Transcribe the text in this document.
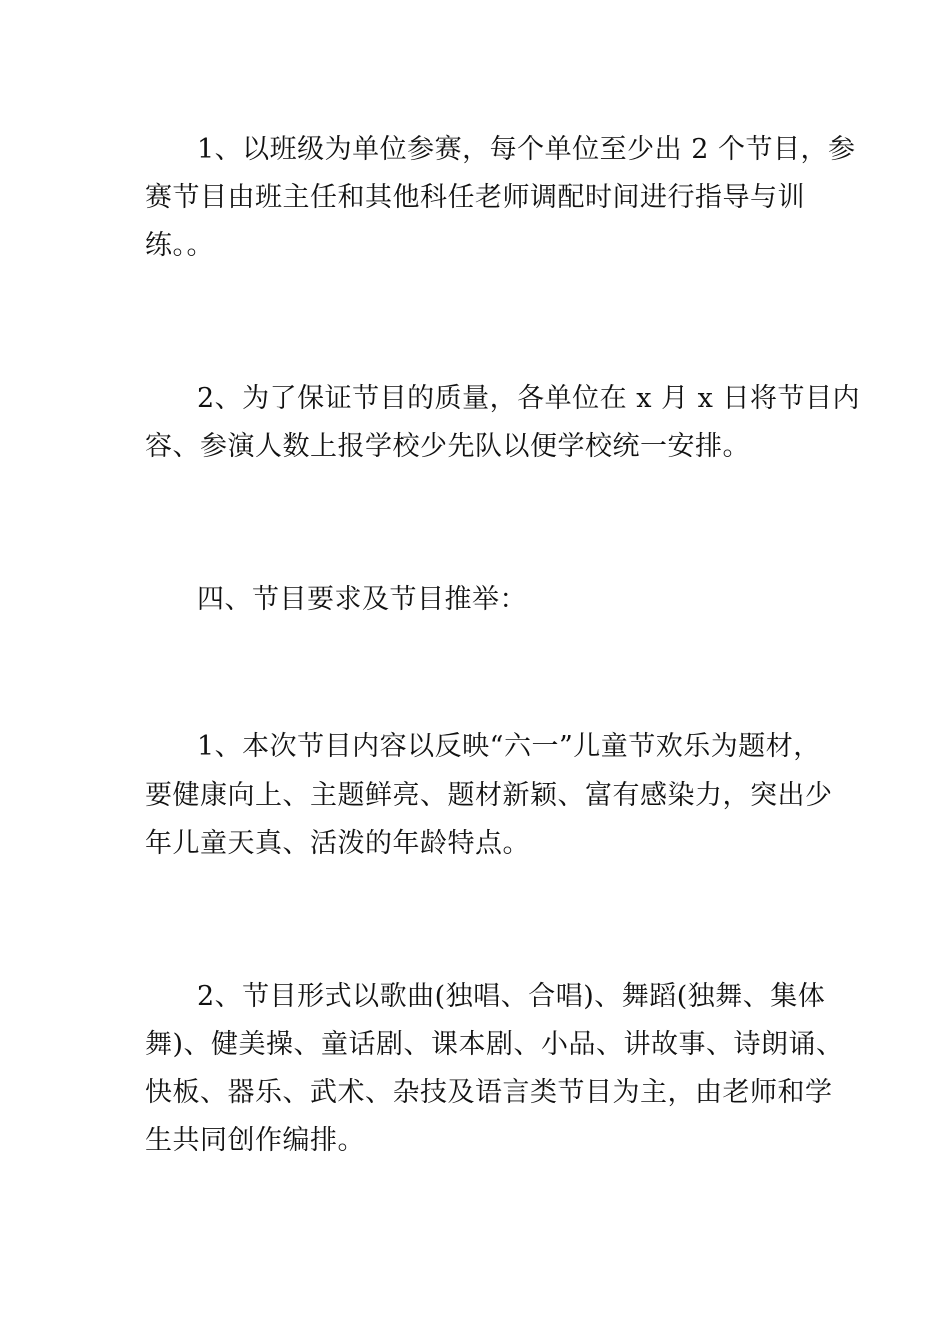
1、以班级为单位参赛，每个单位至少出 2 个节目，参
赛节目由班主任和其他科任老师调配时间进行指导与训
练。。
2、为了保证节目的质量，各单位在 x 月 x 日将节目内
容、参演人数上报学校少先队以便学校统一安排。
四、节目要求及节目推举：
1、本次节目内容以反映“六一”儿童节欢乐为题材，
要健康向上、主题鲜亮、题材新颖、富有感染力，突出少
年儿童天真、活泼的年龄特点。
2、节目形式以歌曲(独唱、合唱)、舞蹈(独舞、集体
舞)、健美操、童话剧、课本剧、小品、讲故事、诗朗诵、
快板、器乐、武术、杂技及语言类节目为主，由老师和学
生共同创作编排。
